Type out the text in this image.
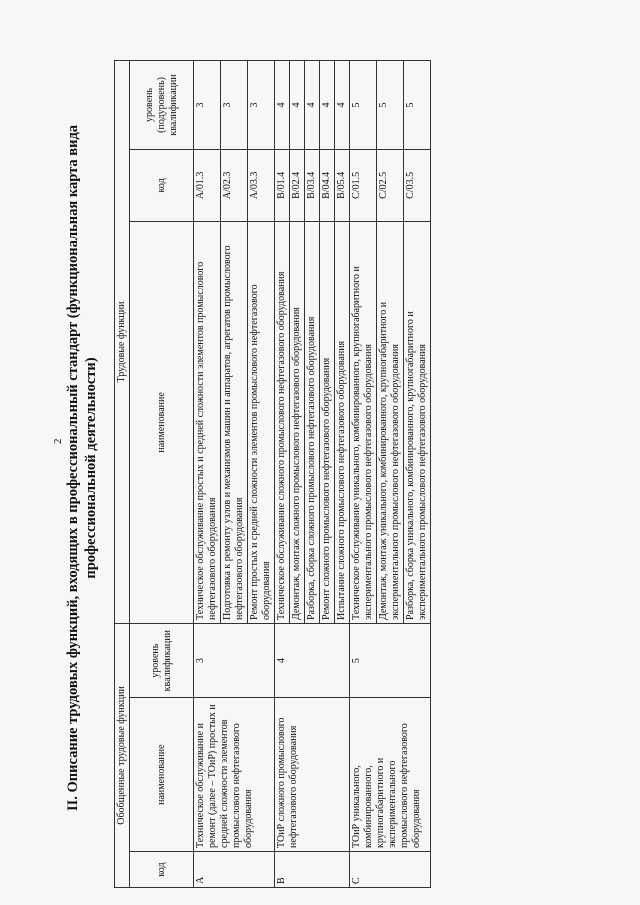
2 II. Описание трудовых функций, входящих в профессиональный стандарт (функциональная карта вида профессиональной деятельности)

Обобщенные трудовые функции			Трудовые функции		
код	наименование	уровень квалификации	наименование	код	уровень (подуровень) квалификации
A	Техническое обслуживание и ремонт (далее – ТОиР) простых и средней сложности элементов промыслового нефтегазового оборудования	3	Техническое обслуживание простых и средней сложности элементов промыслового нефтегазового оборудования	A/01.3	3
			Подготовка к ремонту узлов и механизмов машин и аппаратов, агрегатов промыслового нефтегазового оборудования	A/02.3	3
			Ремонт простых и средней сложности элементов промыслового нефтегазового оборудования	A/03.3	3
B	ТОиР сложного промыслового нефтегазового оборудования	4	Техническое обслуживание сложного промыслового нефтегазового оборудования	B/01.4	4
			Демонтаж, монтаж сложного промыслового нефтегазового оборудования	B/02.4	4
			Разборка, сборка сложного промыслового нефтегазового оборудования	B/03.4	4
			Ремонт сложного промыслового нефтегазового оборудования	B/04.4	4
			Испытание сложного промыслового нефтегазового оборудования	B/05.4	4
C	ТОиР уникального, комбинированного, крупногабаритного и экспериментального промыслового нефтегазового оборудования	5	Техническое обслуживание уникального, комбинированного, крупногабаритного и экспериментального промыслового нефтегазового оборудования	C/01.5	5
			Демонтаж, монтаж уникального, комбинированного, крупногабаритного и экспериментального промыслового нефтегазового оборудования	C/02.5	5
			Разборка, сборка уникального, комбинированного, крупногабаритного и экспериментального промыслового нефтегазового оборудования	C/03.5	5
